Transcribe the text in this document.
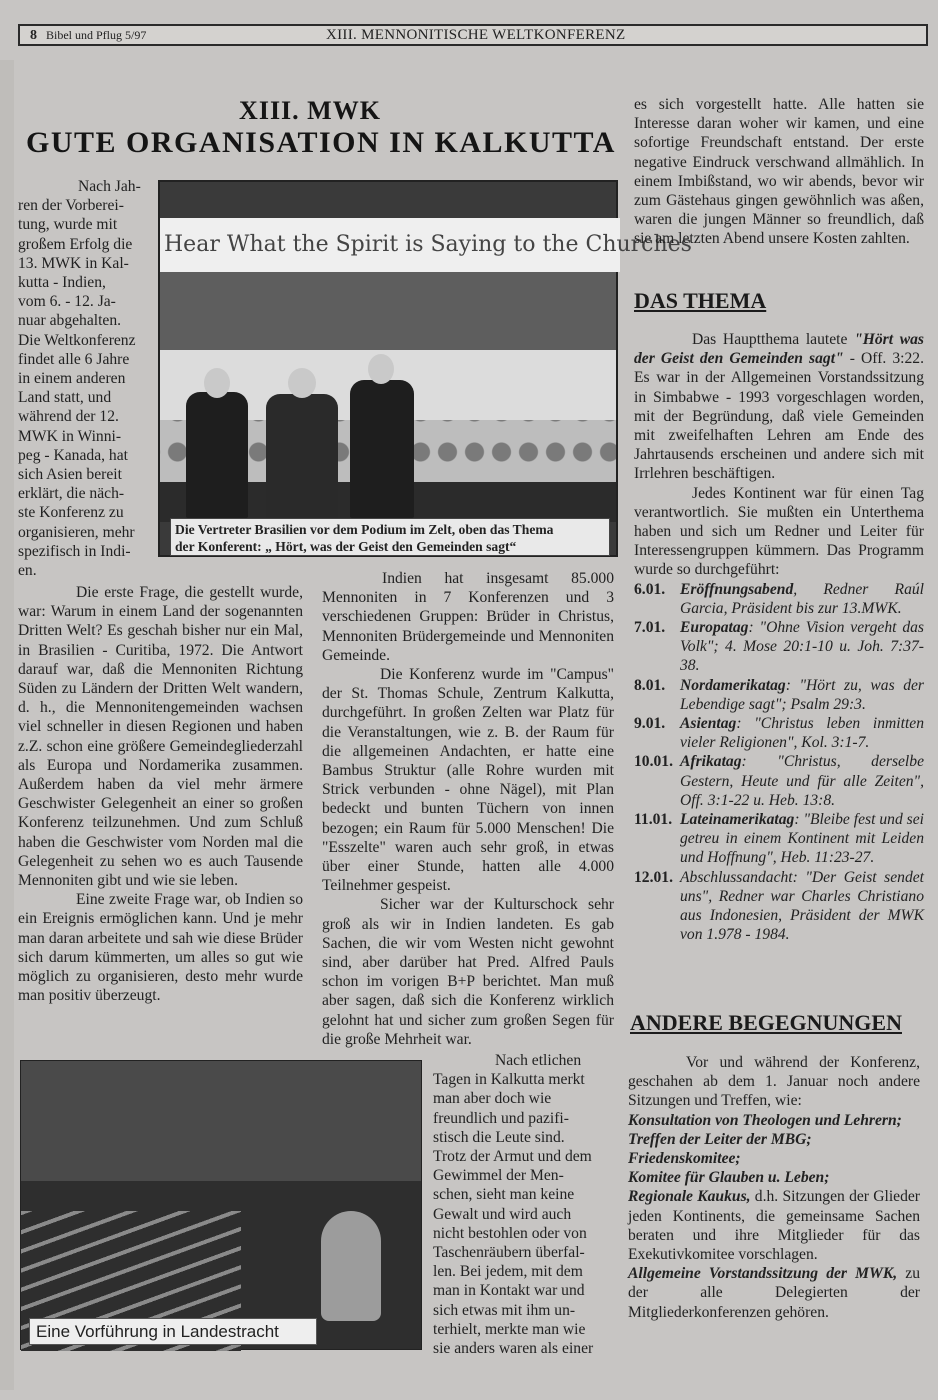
8 Bibel und Pflug 5/97	XIII. MENNONITISCHE WELTKONFERENZ
XIII. MWK
GUTE ORGANISATION IN KALKUTTA
Nach Jah-
ren der Vorberei-
tung, wurde mit
großem Erfolg die
13. MWK in Kal-
kutta - Indien,
vom 6. - 12. Ja-
nuar abgehalten.
Die Weltkonferenz
findet alle 6 Jahre
in einem anderen
Land statt, und
während der 12.
MWK in Winni-
peg - Kanada, hat
sich Asien bereit
erklärt, die näch-
ste Konferenz zu
organisieren, mehr
spezifisch in Indi-
en.
Hear What the Spirit is Saying to the Churches
Die Vertreter Brasilien vor dem Podium im Zelt, oben das Thema
der Konferent: „ Hört, was der Geist den Gemeinden sagt“

Die erste Frage, die gestellt wurde, war: Warum in einem Land der sogenannten Dritten Welt? Es geschah bisher nur ein Mal, in Brasilien - Curitiba, 1972. Die Antwort darauf war, daß die Mennoniten Richtung Süden zu Ländern der Dritten Welt wandern, d. h., die Mennonitengemeinden wachsen viel schneller in diesen Regionen und haben z.Z. schon eine größere Gemeindegliederzahl als Europa und Nordamerika zusammen. Außerdem haben da viel mehr ärmere Geschwister Gelegenheit an einer so großen Konferenz teilzunehmen. Und zum Schluß haben die Geschwister vom Norden mal die Gelegenheit zu sehen wo es auch Tausende Mennoniten gibt und wie sie leben.

Eine zweite Frage war, ob Indien so ein Ereignis ermöglichen kann. Und je mehr man daran arbeitete und sah wie diese Brüder sich darum kümmerten, um alles so gut wie möglich zu organisieren, desto mehr wurde man positiv überzeugt.

Indien hat insgesamt 85.000 Mennoniten in 7 Konferenzen und 3 verschiedenen Gruppen: Brüder in Christus, Mennoniten Brüdergemeinde und Mennoniten Gemeinde.

Die Konferenz wurde im "Campus" der St. Thomas Schule, Zentrum Kalkutta, durchgeführt. In großen Zelten war Platz für die Veranstaltungen, wie z. B. der Raum für die allgemeinen Andachten, er hatte eine Bambus Struktur (alle Rohre wurden mit Strick verbunden - ohne Nägel), mit Plan bedeckt und bunten Tüchern von innen bezogen; ein Raum für 5.000 Menschen! Die "Esszelte" waren auch sehr groß, in etwas über einer Stunde, hatten alle 4.000 Teilnehmer gespeist.

Sicher war der Kulturschock sehr groß als wir in Indien landeten. Es gab Sachen, die wir vom Westen nicht gewohnt sind, aber darüber hat Pred. Alfred Pauls schon im vorigen B+P berichtet. Man muß aber sagen, daß sich die Konferenz wirklich gelohnt hat und sicher zum großen Segen für die große Mehrheit war.

Eine Vorführung in Landestracht
Nach etlichen
Tagen in Kalkutta merkt
man aber doch wie
freundlich und pazifi-
stisch die Leute sind.
Trotz der Armut und dem
Gewimmel der Men-
schen, sieht man keine
Gewalt und wird auch
nicht bestohlen oder von
Taschenräubern überfal-
len. Bei jedem, mit dem
man in Kontakt war und
sich etwas mit ihm un-
terhielt, merkte man wie
sie anders waren als einer

es sich vorgestellt hatte. Alle hatten sie Interesse daran woher wir kamen, und eine sofortige Freundschaft entstand. Der erste negative Eindruck verschwand allmählich. In einem Imbißstand, wo wir abends, bevor wir zum Gästehaus gingen gewöhnlich was aßen, waren die jungen Männer so freundlich, daß sie am letzten Abend unsere Kosten zahlten.

DAS THEMA

Das Hauptthema lautete "Hört was der Geist den Gemeinden sagt" - Off. 3:22. Es war in der Allgemeinen Vorstandssitzung in Simbabwe - 1993 vorgeschlagen worden, mit der Begründung, daß viele Gemeinden mit zweifelhaften Lehren am Ende des Jahrtausends erscheinen und andere sich mit Irrlehren beschäftigen.

Jedes Kontinent war für einen Tag verantwortlich. Sie mußten ein Unterthema haben und sich um Redner und Leiter für Interessengruppen kümmern. Das Programm wurde so durchgeführt:

6.01. Eröffnungsabend, Redner Raúl Garcia, Präsident bis zur 13.MWK.
7.01. Europatag: "Ohne Vision vergeht das Volk"; 4. Mose 20:1-10 u. Joh. 7:37-38.
8.01. Nordamerikatag: "Hört zu, was der Lebendige sagt"; Psalm 29:3.
9.01. Asientag: "Christus leben inmitten vieler Religionen", Kol. 3:1-7.
10.01. Afrikatag: "Christus, derselbe Gestern, Heute und für alle Zeiten", Off. 3:1-22 u. Heb. 13:8.
11.01. Lateinamerikatag: "Bleibe fest und sei getreu in einem Kontinent mit Leiden und Hoffnung", Heb. 11:23-27.
12.01. Abschlussandacht: "Der Geist sendet uns", Redner war Charles Christiano aus Indonesien, Präsident der MWK von 1.978 - 1984.
ANDERE BEGEGNUNGEN

Vor und während der Konferenz, geschahen ab dem 1. Januar noch andere Sitzungen und Treffen, wie:

Konsultation von Theologen und Lehrern;
Treffen der Leiter der MBG;
Friedenskomitee;
Komitee für Glauben u. Leben;

Regionale Kaukus, d.h. Sitzungen der Glieder jeden Kontinents, die gemeinsame Sachen beraten und ihre Mitglieder für das Exekutivkomitee vorschlagen.

Allgemeine Vorstandssitzung der MWK, zu der alle Delegierten der Mitgliederkonferenzen gehören.
